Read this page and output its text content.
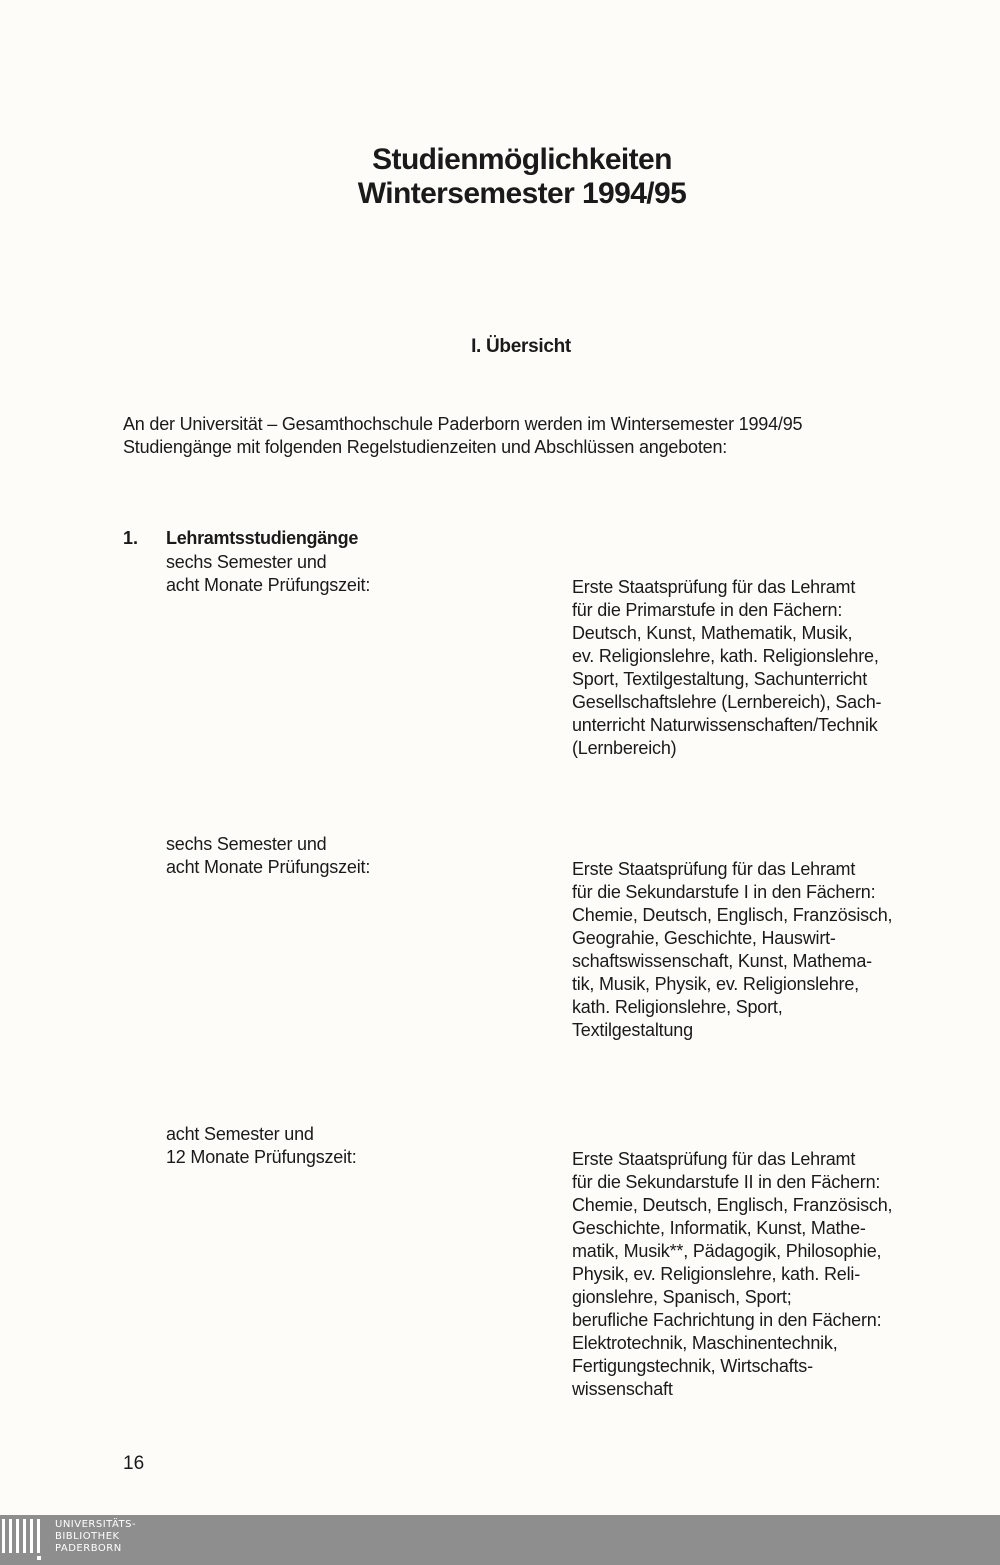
Studienmöglichkeiten
Wintersemester 1994/95
I. Übersicht

An der Universität – Gesamthochschule Paderborn werden im Wintersemester 1994/95

Studiengänge mit folgenden Regelstudienzeiten und Abschlüssen angeboten:

1. Lehramtsstudiengänge
sechs Semester und
acht Monate Prüfungszeit:	Erste Staatsprüfung für das Lehramt
für die Primarstufe in den Fächern:
Deutsch, Kunst, Mathematik, Musik,
ev. Religionslehre, kath. Religionslehre,
Sport, Textilgestaltung, Sachunterricht
Gesellschaftslehre (Lernbereich), Sach-
unterricht Naturwissenschaften/Technik
(Lernbereich)
sechs Semester und
acht Monate Prüfungszeit:	Erste Staatsprüfung für das Lehramt
für die Sekundarstufe I in den Fächern:
Chemie, Deutsch, Englisch, Französisch,
Geograhie, Geschichte, Hauswirt-
schaftswissenschaft, Kunst, Mathema-
tik, Musik, Physik, ev. Religionslehre,
kath. Religionslehre, Sport,
Textilgestaltung
acht Semester und
12 Monate Prüfungszeit:	Erste Staatsprüfung für das Lehramt
für die Sekundarstufe II in den Fächern:
Chemie, Deutsch, Englisch, Französisch,
Geschichte, Informatik, Kunst, Mathe-
matik, Musik**, Pädagogik, Philosophie,
Physik, ev. Religionslehre, kath. Reli-
gionslehre, Spanisch, Sport;
berufliche Fachrichtung in den Fächern:
Elektrotechnik, Maschinentechnik,
Fertigungstechnik, Wirtschafts-
wissenschaft
16
UNIVERSITÄTS-
BIBLIOTHEK
PADERBORN
